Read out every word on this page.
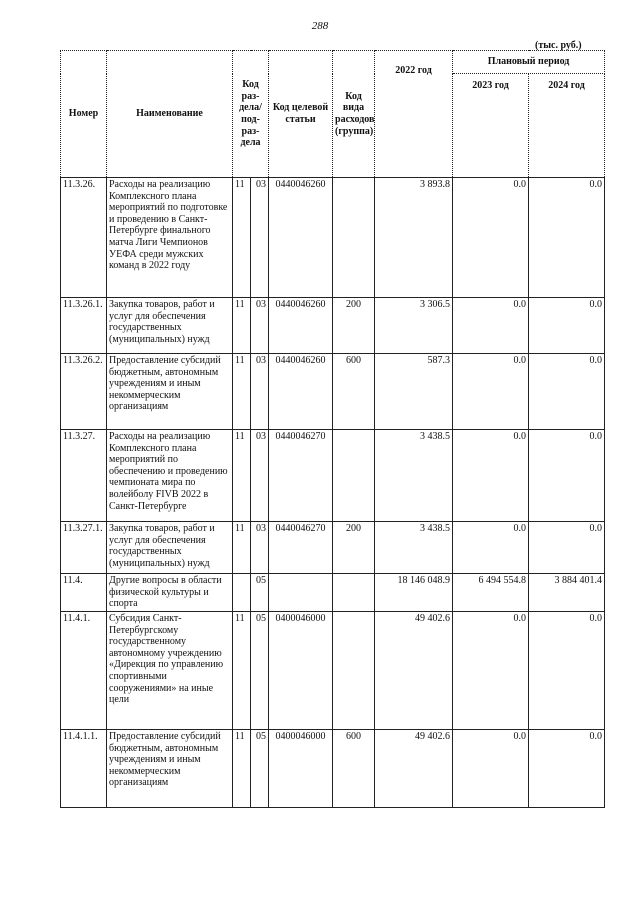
288
(тыс. руб.)
Номер	Наименование	Код раз-дела/ под-раз-дела		Код целевой статьи	Код вида расходов (группа)	2022 год	Плановый период	
							2023 год	2024 год
11.3.26.	Расходы на реализацию Комплексного плана мероприятий по подготовке и проведению в Санкт-Петербурге финального матча Лиги Чемпионов УЕФА среди мужских команд в 2022 году	11	03	0440046260		3 893.8	0.0	0.0
11.3.26.1.	Закупка товаров, работ и услуг для обеспечения государственных (муниципальных) нужд	11	03	0440046260	200	3 306.5	0.0	0.0
11.3.26.2.	Предоставление субсидий бюджетным, автономным учреждениям и иным некоммерческим организациям	11	03	0440046260	600	587.3	0.0	0.0
11.3.27.	Расходы на реализацию Комплексного плана мероприятий по обеспечению и проведению чемпионата мира по волейболу FIVB 2022 в Санкт-Петербурге	11	03	0440046270		3 438.5	0.0	0.0
11.3.27.1.	Закупка товаров, работ и услуг для обеспечения государственных (муниципальных) нужд	11	03	0440046270	200	3 438.5	0.0	0.0
11.4.	Другие вопросы в области физической культуры и спорта		05			18 146 048.9	6 494 554.8	3 884 401.4
11.4.1.	Субсидия Санкт-Петербургскому государственному автономному учреждению «Дирекция по управлению спортивными сооружениями» на иные цели	11	05	0400046000		49 402.6	0.0	0.0
11.4.1.1.	Предоставление субсидий бюджетным, автономным учреждениям и иным некоммерческим организациям	11	05	0400046000	600	49 402.6	0.0	0.0
